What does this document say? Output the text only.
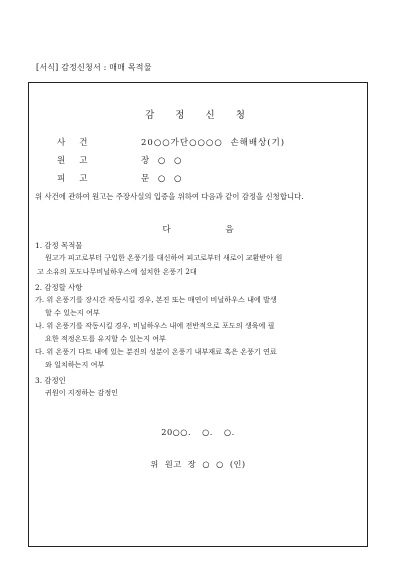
[서식] 감정신청서 : 매매 목적물
감 정 신 청
사건	20○○가단○○○○ 손해배상(기)
원고	장 ○ ○
피고	문 ○ ○
위 사건에 관하여 원고는 주장사실의 입증을 위하여 다음과 같이 감정을 신청합니다.
다 음
1. 감정 목적물
원고가 피고로부터 구입한 온풍기를 대신하여 피고로부터 새로이 교환받아 원
고 소유의 포도나무비닐하우스에 설치한 온풍기 2대
2. 감정할 사항
가. 위 온풍기를 장시간 작동시킬 경우, 본진 또는 매연이 비닐하우스 내에 발생
할 수 있는지 여부
나. 위 온풍기를 작동시킬 경우, 비닐하우스 내에 전반적으로 포도의 생육에 필
요한 적정온도를 유지할 수 있는지 여부
다. 위 온풍기 다트 내에 있는 분진의 성분이 온풍기 내부재료 혹은 온풍기 연료
와 일치하는지 여부
3. 감정인
귀원이 지정하는 감정인
20○○. ○. ○.
위 원고 장 ○ ○ (인)
